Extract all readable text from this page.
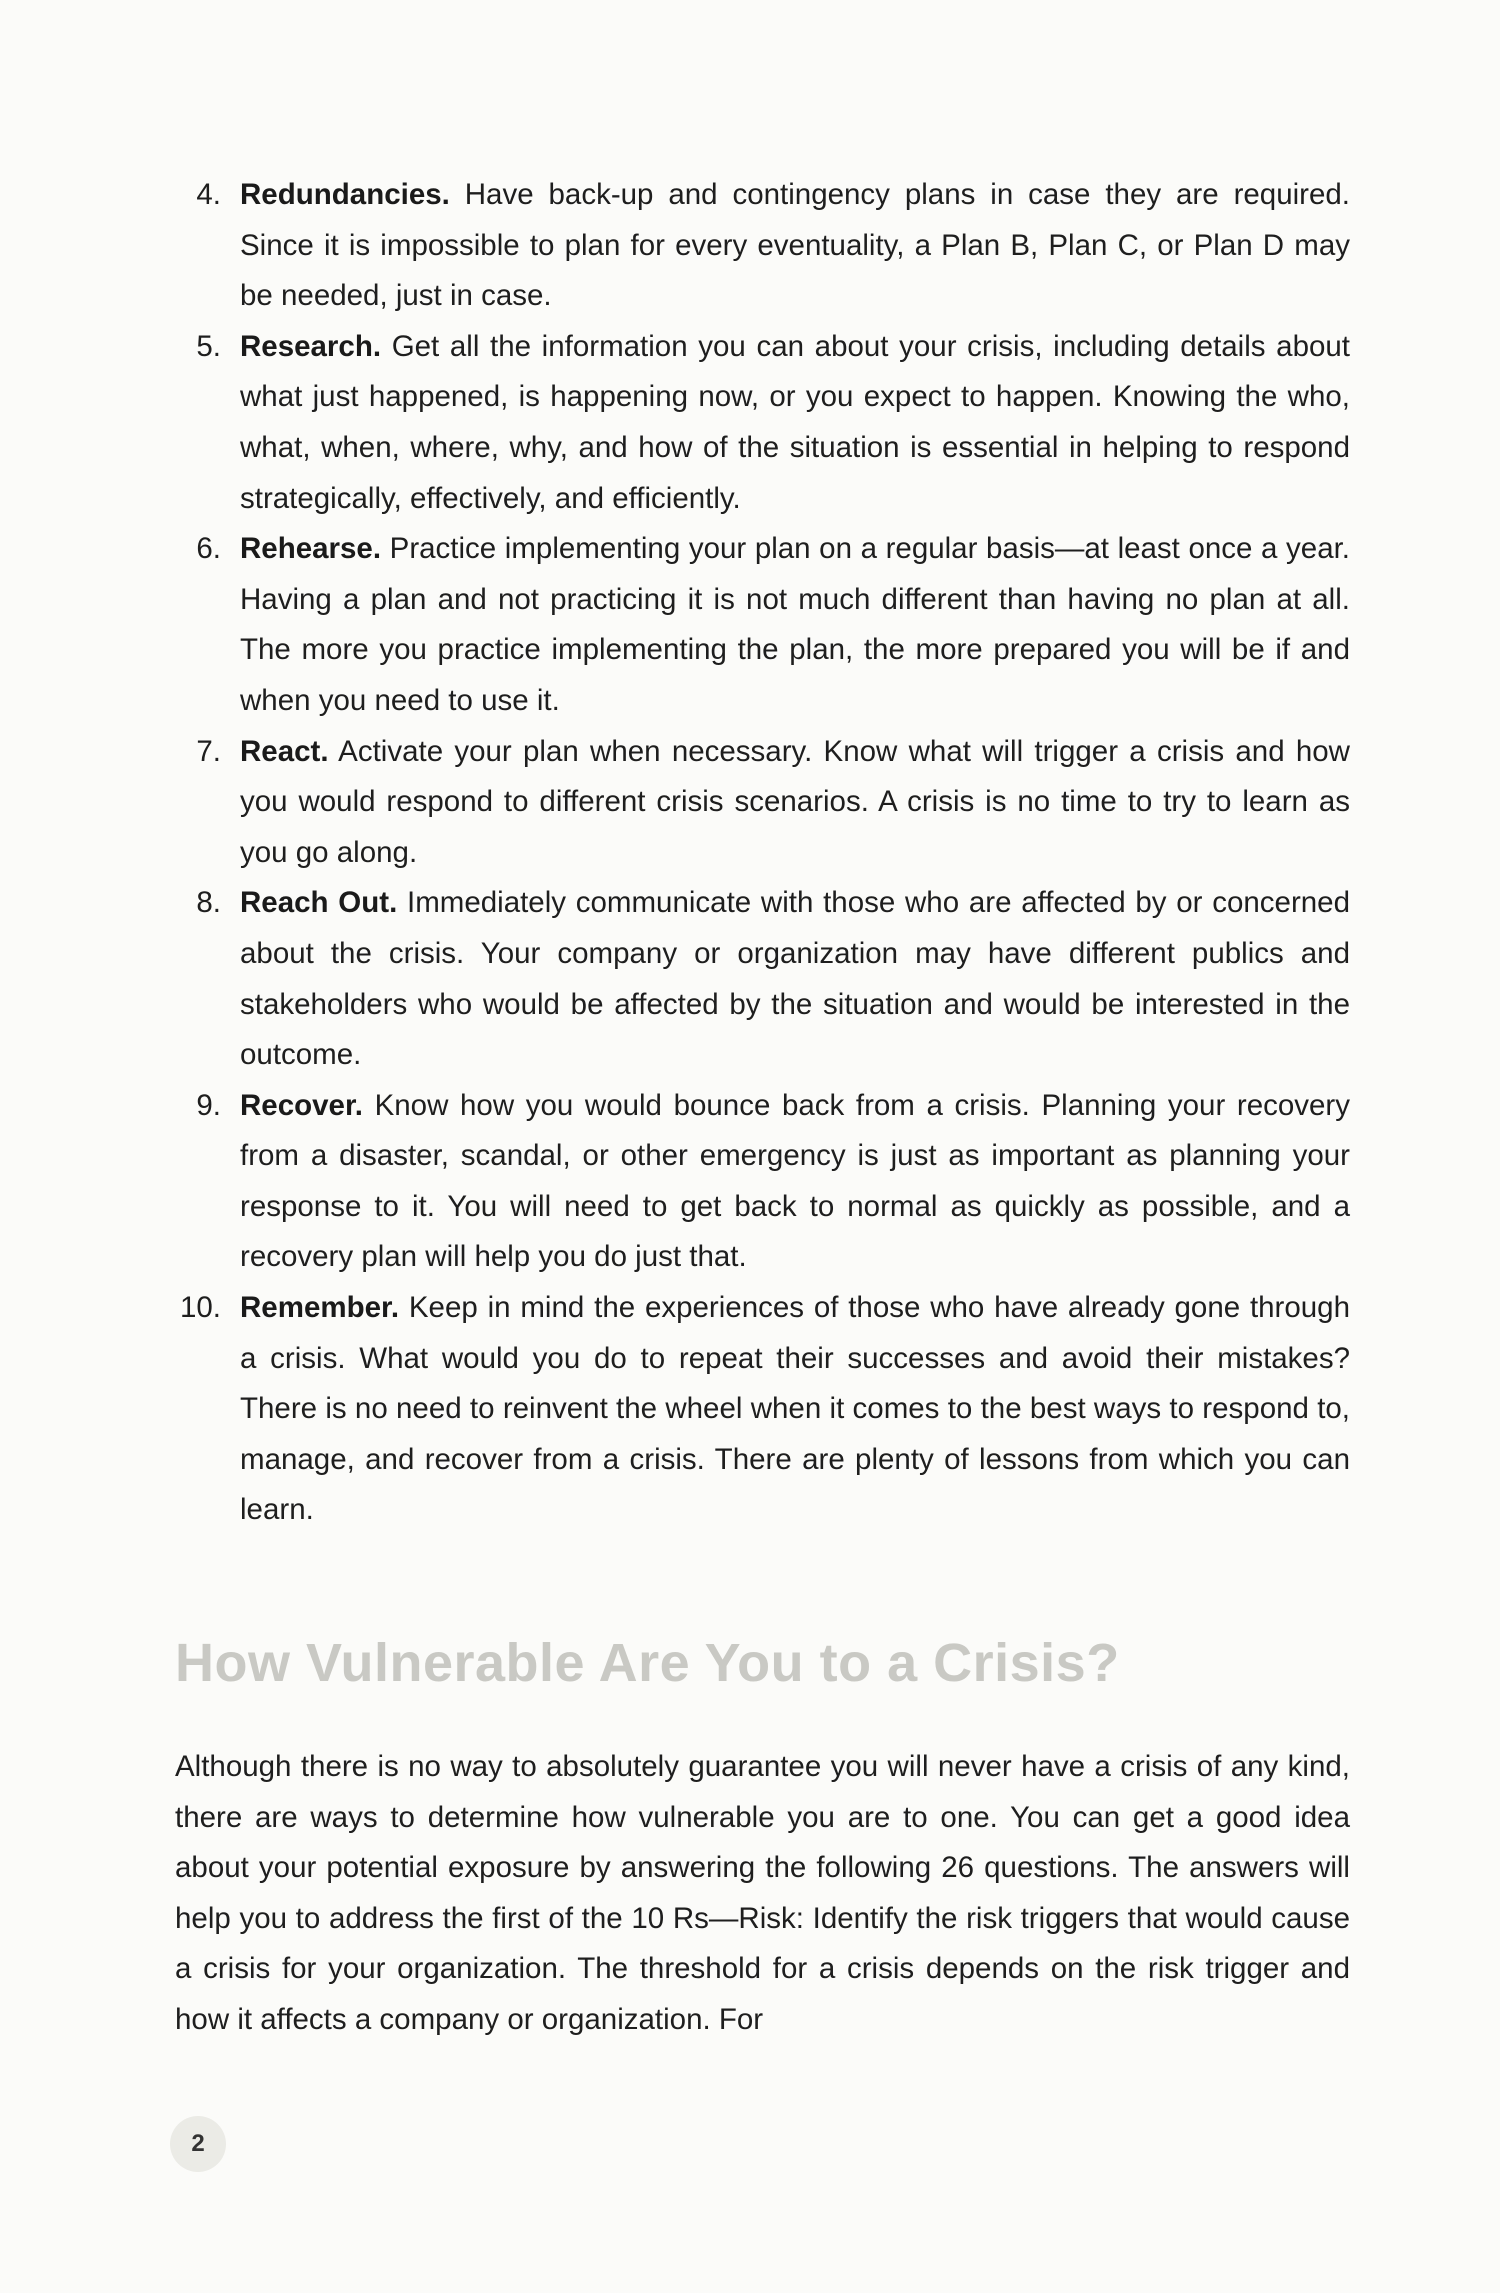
4. Redundancies. Have back-up and contingency plans in case they are required. Since it is impossible to plan for every eventuality, a Plan B, Plan C, or Plan D may be needed, just in case.
5. Research. Get all the information you can about your crisis, including details about what just happened, is happening now, or you expect to happen. Knowing the who, what, when, where, why, and how of the situation is essential in helping to respond strategically, effectively, and efficiently.
6. Rehearse. Practice implementing your plan on a regular basis—at least once a year. Having a plan and not practicing it is not much different than having no plan at all. The more you practice implementing the plan, the more prepared you will be if and when you need to use it.
7. React. Activate your plan when necessary. Know what will trigger a crisis and how you would respond to different crisis scenarios. A crisis is no time to try to learn as you go along.
8. Reach Out. Immediately communicate with those who are affected by or concerned about the crisis. Your company or organization may have different publics and stakeholders who would be affected by the situation and would be interested in the outcome.
9. Recover. Know how you would bounce back from a crisis. Planning your recovery from a disaster, scandal, or other emergency is just as important as planning your response to it. You will need to get back to normal as quickly as possible, and a recovery plan will help you do just that.
10. Remember. Keep in mind the experiences of those who have already gone through a crisis. What would you do to repeat their successes and avoid their mistakes? There is no need to reinvent the wheel when it comes to the best ways to respond to, manage, and recover from a crisis. There are plenty of lessons from which you can learn.
How Vulnerable Are You to a Crisis?

Although there is no way to absolutely guarantee you will never have a crisis of any kind, there are ways to determine how vulnerable you are to one. You can get a good idea about your potential exposure by answering the following 26 questions. The answers will help you to address the first of the 10 Rs—Risk: Identify the risk triggers that would cause a crisis for your organization. The threshold for a crisis depends on the risk trigger and how it affects a company or organization. For

2
